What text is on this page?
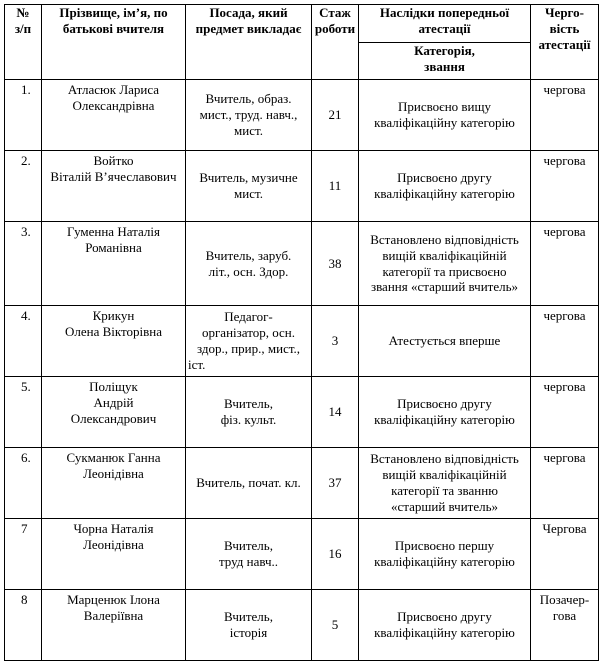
№
з/п	Прізвище, ім’я, по
батькові вчителя	Посада, який
предмет викладає	Стаж
роботи	Наслідки попередньої
атестації	Черго-
вість
атестації

				Категорія,
звання	

1.	Атласюк Лариса
Олександрівна	Вчитель, образ.
мист., труд. навч.,
мист.	21	Присвоєно вищу
кваліфікаційну категорію	чергова

2.	Войтко
Віталій В’ячеславович	Вчитель, музичне
мист.	11	Присвоєно другу
кваліфікаційну категорію	чергова

3.	Гуменна Наталія
Романівна	Вчитель, заруб.
літ., осн. Здор.	38	Встановлено відповідність
вищій кваліфікаційній
категорії та присвоєно
звання «старший вчитель»	чергова

4.	Крикун
Олена Вікторівна	Педагог-
організатор, осн.
здор., прир., мист.,
іст.	3	Атестується вперше	чергова

5.	Поліщук
Андрій
Олександрович	Вчитель,
фіз. культ.	14	Присвоєно другу
кваліфікаційну категорію	чергова

6.	Сукманюк Ганна
Леонідівна	Вчитель, почат. кл.	37	Встановлено відповідність
вищій кваліфікаційній
категорії та званню
«старший вчитель»	чергова

7	Чорна Наталія
Леонідівна	Вчитель,
труд навч..	16	Присвоєно першу
кваліфікаційну категорію	Чергова

8	Марценюк Ілона
Валеріївна	Вчитель,
історія	5	Присвоєно другу
кваліфікаційну категорію	Позачер-
гова
